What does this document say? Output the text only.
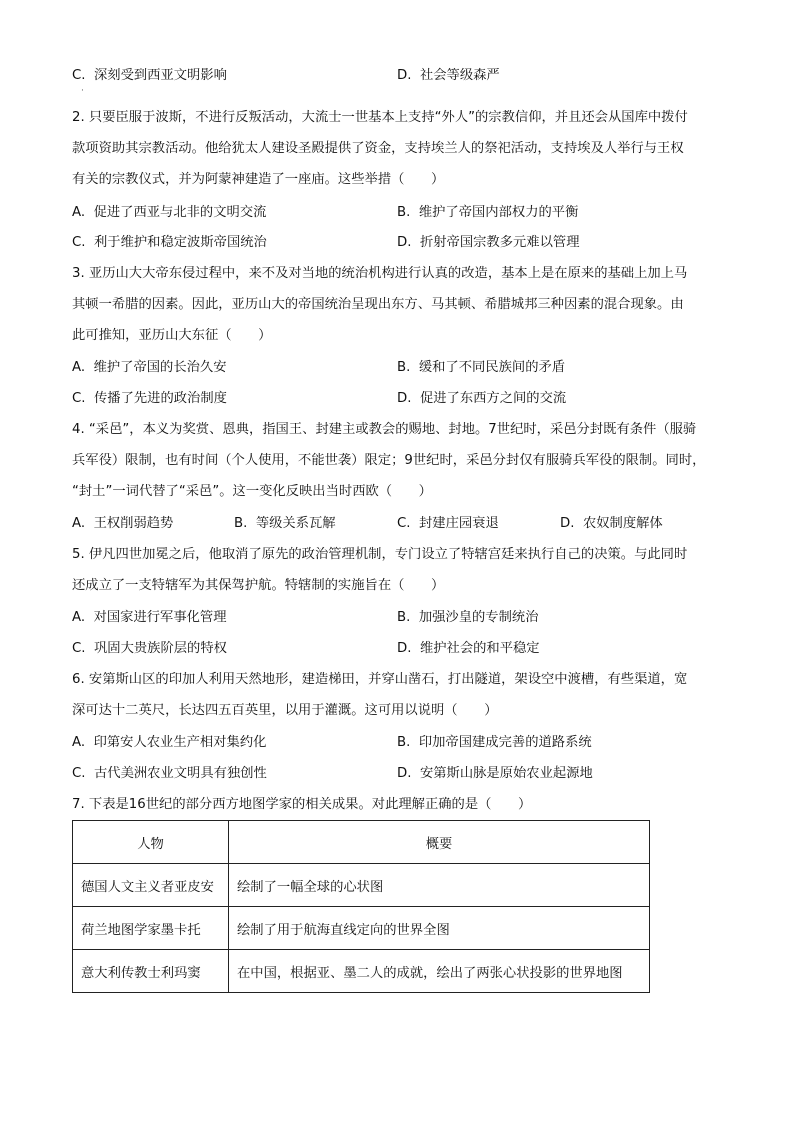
C. 深刻受到西亚文明影响
·
D. 社会等级森严
2. 只要臣服于波斯，不进行反叛活动，大流士一世基本上支持“外人”的宗教信仰，并且还会从国库中拨付
款项资助其宗教活动。他给犹太人建设圣殿提供了资金，支持埃兰人的祭祀活动，支持埃及人举行与王权
有关的宗教仪式，并为阿蒙神建造了一座庙。这些举措（　　）
A. 促进了西亚与北非的文明交流	B. 维护了帝国内部权力的平衡
C. 利于维护和稳定波斯帝国统治	D. 折射帝国宗教多元难以管理
3. 亚历山大大帝东侵过程中，来不及对当地的统治机构进行认真的改造，基本上是在原来的基础上加上马
其顿一希腊的因素。因此，亚历山大的帝国统治呈现出东方、马其顿、希腊城邦三种因素的混合现象。由
此可推知，亚历山大东征（　　）
A. 维护了帝国的长治久安	B. 缓和了不同民族间的矛盾
C. 传播了先进的政治制度	D. 促进了东西方之间的交流
4. “采邑”，本义为奖赏、恩典，指国王、封建主或教会的赐地、封地。7世纪时，采邑分封既有条件（服骑
兵军役）限制，也有时间（个人使用，不能世袭）限定；9世纪时，采邑分封仅有服骑兵军役的限制。同时，
“封土”一词代替了“采邑”。这一变化反映出当时西欧（　　）
A. 王权削弱趋势	B. 等级关系瓦解	C. 封建庄园衰退	D. 农奴制度解体
5. 伊凡四世加冕之后，他取消了原先的政治管理机制，专门设立了特辖宫廷来执行自己的决策。与此同时
还成立了一支特辖军为其保驾护航。特辖制的实施旨在（　　）
A. 对国家进行军事化管理	B. 加强沙皇的专制统治
C. 巩固大贵族阶层的特权	D. 维护社会的和平稳定
6. 安第斯山区的印加人利用天然地形，建造梯田，并穿山凿石，打出隧道，架设空中渡槽，有些渠道，宽
深可达十二英尺，长达四五百英里，以用于灌溉。这可用以说明（　　）
A. 印第安人农业生产相对集约化	B. 印加帝国建成完善的道路系统
C. 古代美洲农业文明具有独创性	D. 安第斯山脉是原始农业起源地
7. 下表是16世纪的部分西方地图学家的相关成果。对此理解正确的是（　　）
人物	概要
德国人文主义者亚皮安	绘制了一幅全球的心状图
荷兰地图学家墨卡托	绘制了用于航海直线定向的世界全图
意大利传教士利玛窦	在中国，根据亚、墨二人的成就，绘出了两张心状投影的世界地图
